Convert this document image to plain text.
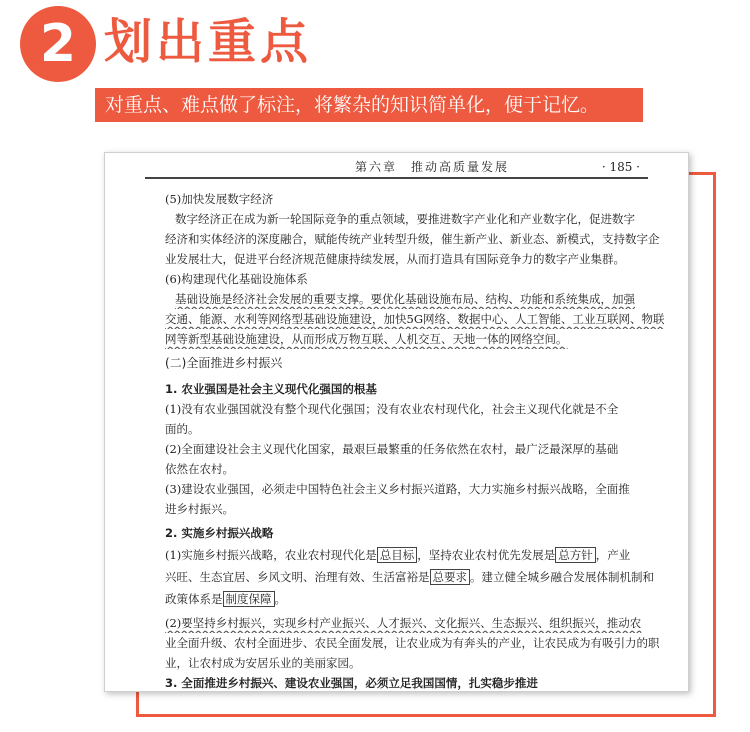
2 划出重点
对重点、难点做了标注，将繁杂的知识简单化，便于记忆。
第六章　推动高质量发展	· 185 ·
(5)加快发展数字经济
数字经济正在成为新一轮国际竞争的重点领域，要推进数字产业化和产业数字化，促进数字
经济和实体经济的深度融合，赋能传统产业转型升级，催生新产业、新业态、新模式，支持数字企
业发展壮大，促进平台经济规范健康持续发展，从而打造具有国际竞争力的数字产业集群。
(6)构建现代化基础设施体系
基础设施是经济社会发展的重要支撑。要优化基础设施布局、结构、功能和系统集成，加强
交通、能源、水利等网络型基础设施建设，加快5G网络、数据中心、人工智能、工业互联网、物联
网等新型基础设施建设，从而形成万物互联、人机交互、天地一体的网络空间。
(二)全面推进乡村振兴
1. 农业强国是社会主义现代化强国的根基
(1)没有农业强国就没有整个现代化强国；没有农业农村现代化，社会主义现代化就是不全
面的。
(2)全面建设社会主义现代化国家，最艰巨最繁重的任务依然在农村，最广泛最深厚的基础
依然在农村。
(3)建设农业强国，必须走中国特色社会主义乡村振兴道路，大力实施乡村振兴战略，全面推
进乡村振兴。
2. 实施乡村振兴战略
(1)实施乡村振兴战略，农业农村现代化是 总目标 ，坚持农业农村优先发展是 总方针 ，产业
兴旺、生态宜居、乡风文明、治理有效、生活富裕是 总要求 。建立健全城乡融合发展体制机制和
政策体系是 制度保障 。
(2)要坚持乡村振兴，实现乡村产业振兴、人才振兴、文化振兴、生态振兴、组织振兴，推动农
业全面升级、农村全面进步、农民全面发展，让农业成为有奔头的产业，让农民成为有吸引力的职
业，让农村成为安居乐业的美丽家园。
3. 全面推进乡村振兴、建设农业强国，必须立足我国国情，扎实稳步推进
